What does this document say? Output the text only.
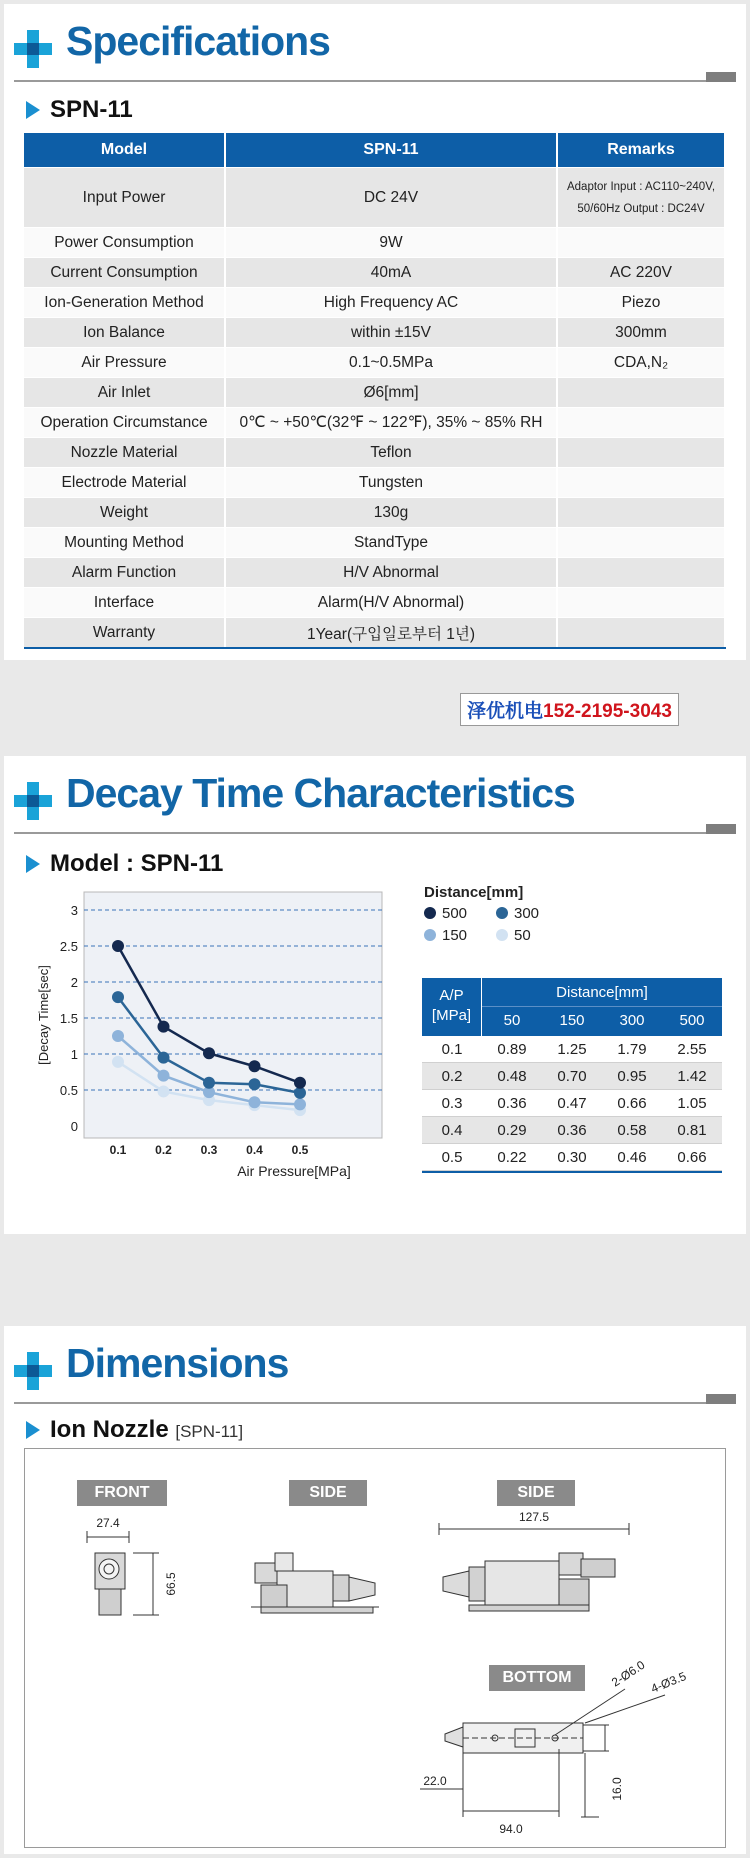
Specifications
SPN-11
Model	SPN-11	Remarks
Input Power	DC 24V
Adaptor Input : AC110~240V,
50/60Hz Output : DC24V
Power Consumption	9W
Current Consumption	40mA	AC 220V
Ion-Generation Method	High Frequency AC	Piezo
Ion Balance	within ±15V	300mm
Air Pressure	0.1~0.5MPa	CDA,N₂
Air Inlet	Ø6[mm]
Operation Circumstance	0℃ ~ +50℃(32℉ ~ 122℉), 35% ~ 85% RH
Nozzle Material	Teflon
Electrode Material	Tungsten
Weight	130g
Mounting Method	StandType
Alarm Function	H/V Abnormal
Interface	Alarm(H/V Abnormal)
Warranty	1Year(구입일로부터 1년)
泽优机电152-2195-3043
Decay Time Characteristics
Model : SPN-11
0
0.5
1
1.5
2
2.5
3
0.1 0.2 0.3 0.4 0.5
[Decay Time[sec]
Air Pressure[MPa]
Distance[mm]
500	300 150	50
A/P
[MPa]
Distance[mm]
50	150	300	500
0.1	0.89	1.25	1.79	2.55
0.2	0.48	0.70	0.95	1.42
0.3	0.36	0.47	0.66	1.05
0.4	0.29	0.36	0.58	0.81
0.5	0.22	0.30	0.46	0.66
Dimensions
Ion Nozzle [SPN-11]
FRONT	SIDE	SIDE
BOTTOM
27.4
66.5
127.5
2-Ø6.0 4-Ø3.5
22.0
94.0
16.0
